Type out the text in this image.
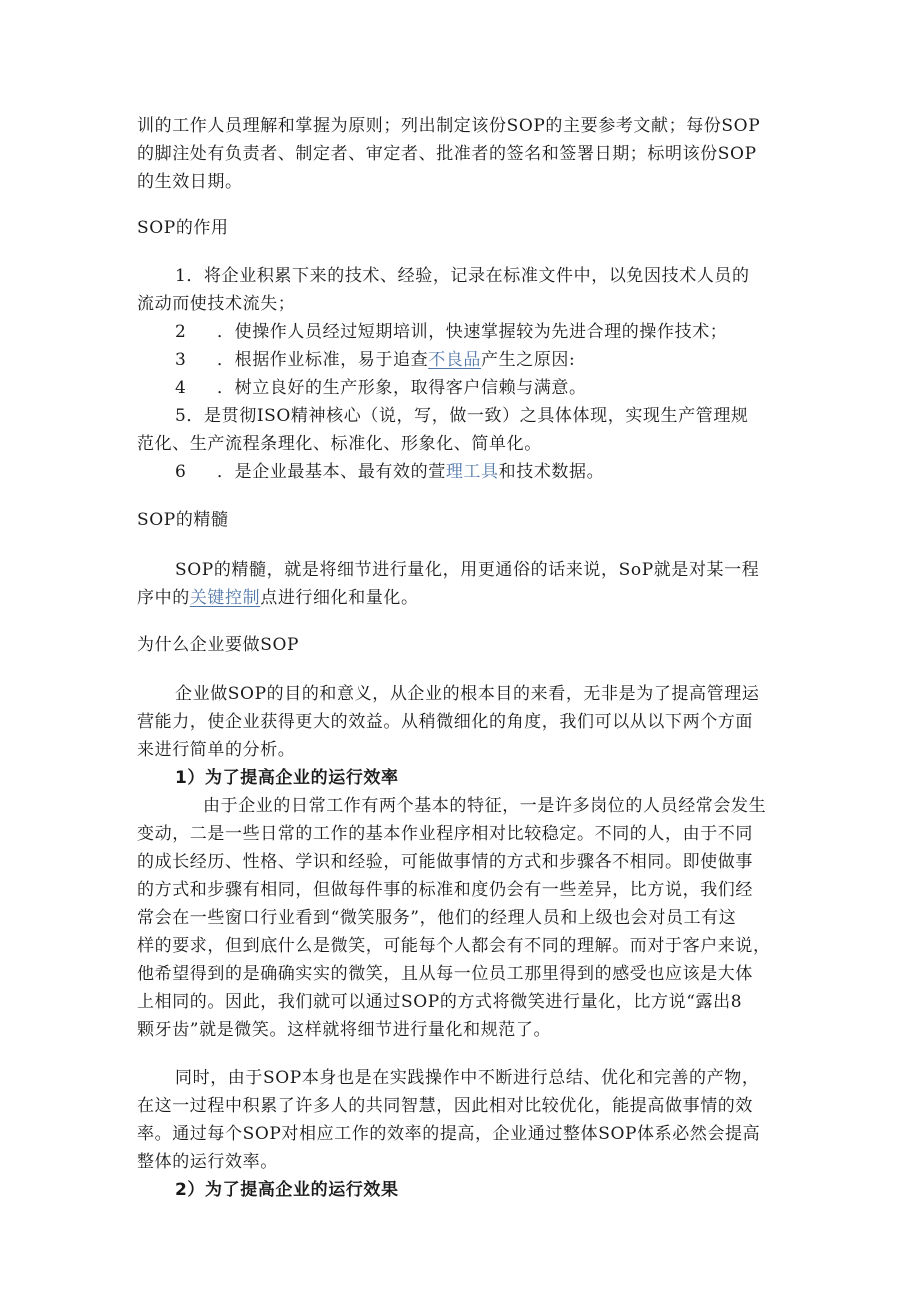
训的工作人员理解和掌握为原则；列出制定该份SOP的主要参考文献；每份SOP
的脚注处有负责者、制定者、审定者、批准者的签名和签署日期；标明该份SOP
的生效日期。
SOP的作用
1．将企业积累下来的技术、经验，记录在标准文件中，以免因技术人员的
流动而使技术流失；
2 ．使操作人员经过短期培训，快速掌握较为先进合理的操作技术；
3 ．根据作业标准，易于追查不良品产生之原因:
4 ．树立良好的生产形象，取得客户信赖与满意。
5．是贯彻ISO精神核心（说，写，做一致）之具体体现，实现生产管理规
范化、生产流程条理化、标准化、形象化、简单化。
6 ．是企业最基本、最有效的萱理工具和技术数据。
SOP的精髓
SOP的精髓，就是将细节进行量化，用更通俗的话来说，SoP就是对某一程
序中的关键控制点进行细化和量化。
为什么企业要做SOP
企业做SOP的目的和意义，从企业的根本目的来看，无非是为了提高管理运
营能力，使企业获得更大的效益。从稍微细化的角度，我们可以从以下两个方面
来进行简单的分析。
1）为了提高企业的运行效率
由于企业的日常工作有两个基本的特征，一是许多岗位的人员经常会发生
变动，二是一些日常的工作的基本作业程序相对比较稳定。不同的人，由于不同
的成长经历、性格、学识和经验，可能做事情的方式和步骤各不相同。即使做事
的方式和步骤有相同，但做每件事的标准和度仍会有一些差异，比方说，我们经
常会在一些窗口行业看到“微笑服务”，他们的经理人员和上级也会对员工有这
样的要求，但到底什么是微笑，可能每个人都会有不同的理解。而对于客户来说，
他希望得到的是确确实实的微笑，且从每一位员工那里得到的感受也应该是大体
上相同的。因此，我们就可以通过SOP的方式将微笑进行量化，比方说“露出8
颗牙齿”就是微笑。这样就将细节进行量化和规范了。
同时，由于SOP本身也是在实践操作中不断进行总结、优化和完善的产物，
在这一过程中积累了许多人的共同智慧，因此相对比较优化，能提高做事情的效
率。通过每个SOP对相应工作的效率的提高，企业通过整体SOP体系必然会提高
整体的运行效率。
2）为了提高企业的运行效果
